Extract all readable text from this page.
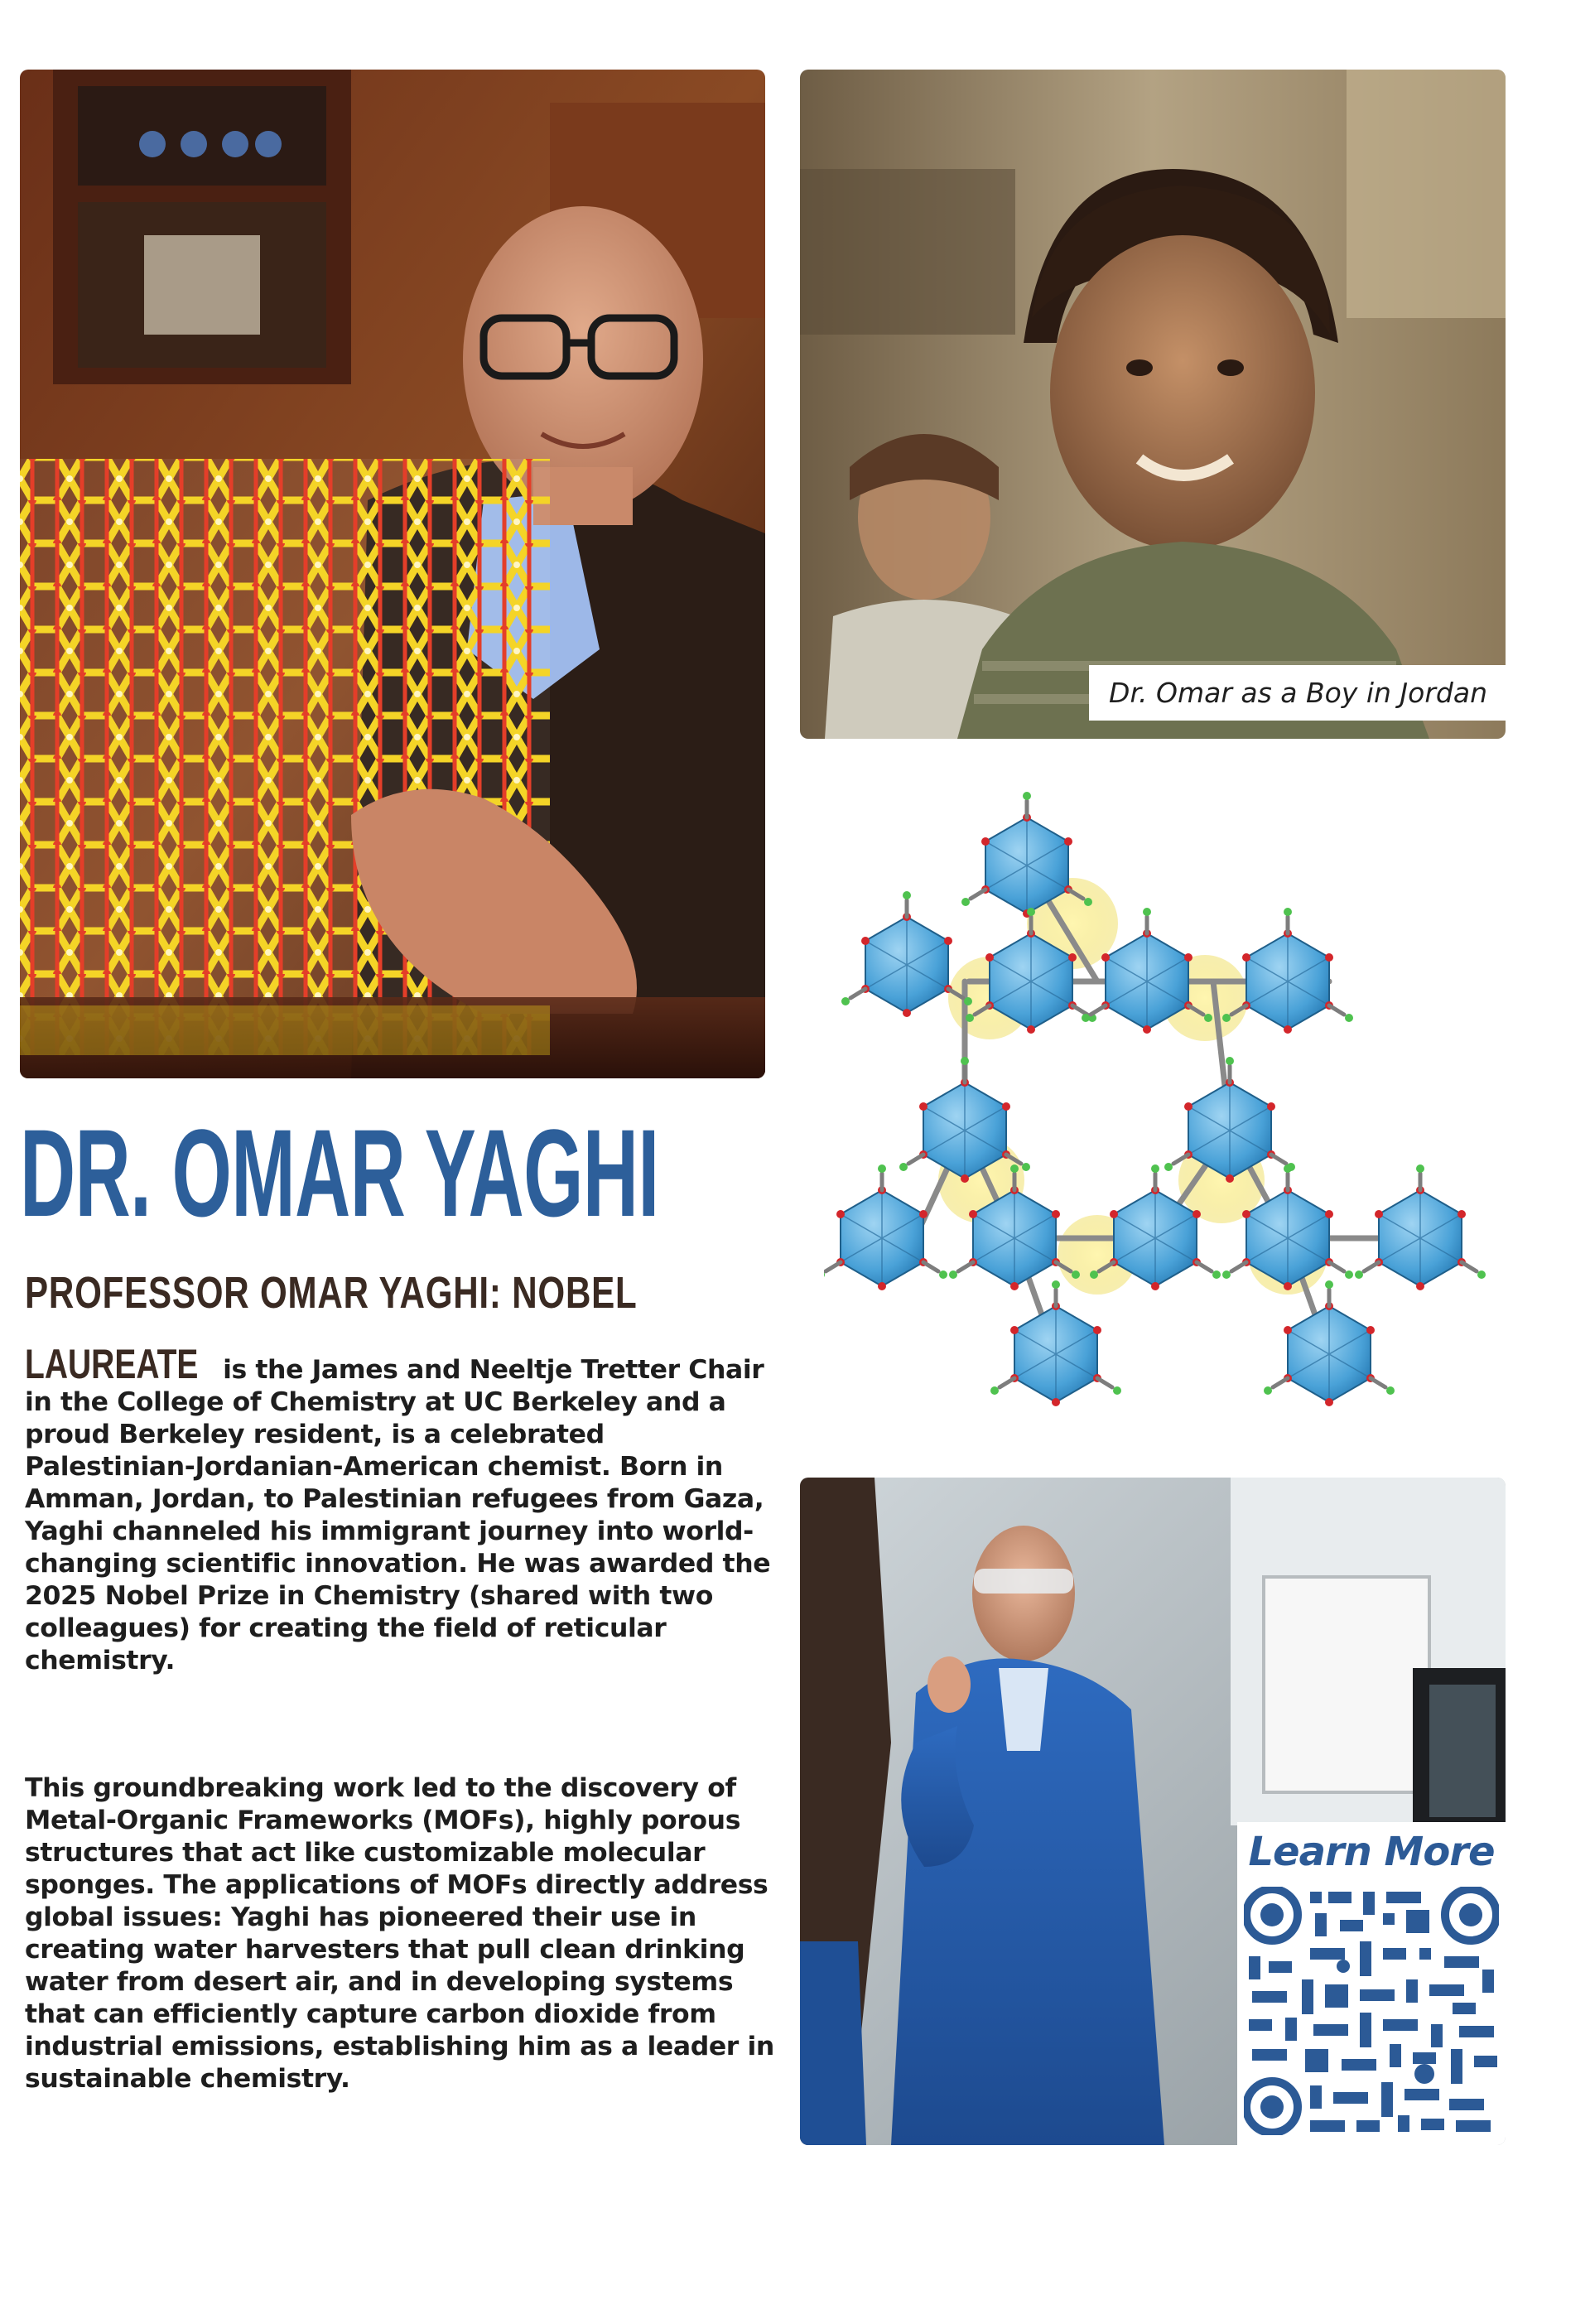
Dr. Omar as a Boy in Jordan
Learn More
DR. OMAR YAGHI
PROFESSOR OMAR YAGHI: NOBEL

LAUREATE is the James and Neeltje Tretter Chair in the College of Chemistry at UC Berkeley and a proud Berkeley resident, is a celebrated Palestinian-Jordanian-American chemist. Born in Amman, Jordan, to Palestinian refugees from Gaza, Yaghi channeled his immigrant journey into world-changing scientific innovation. He was awarded the 2025 Nobel Prize in Chemistry (shared with two colleagues) for creating the field of reticular chemistry.

This groundbreaking work led to the discovery of Metal-Organic Frameworks (MOFs), highly porous structures that act like customizable molecular sponges. The applications of MOFs directly address global issues: Yaghi has pioneered their use in creating water harvesters that pull clean drinking water from desert air, and in developing systems that can efficiently capture carbon dioxide from industrial emissions, establishing him as a leader in sustainable chemistry.
